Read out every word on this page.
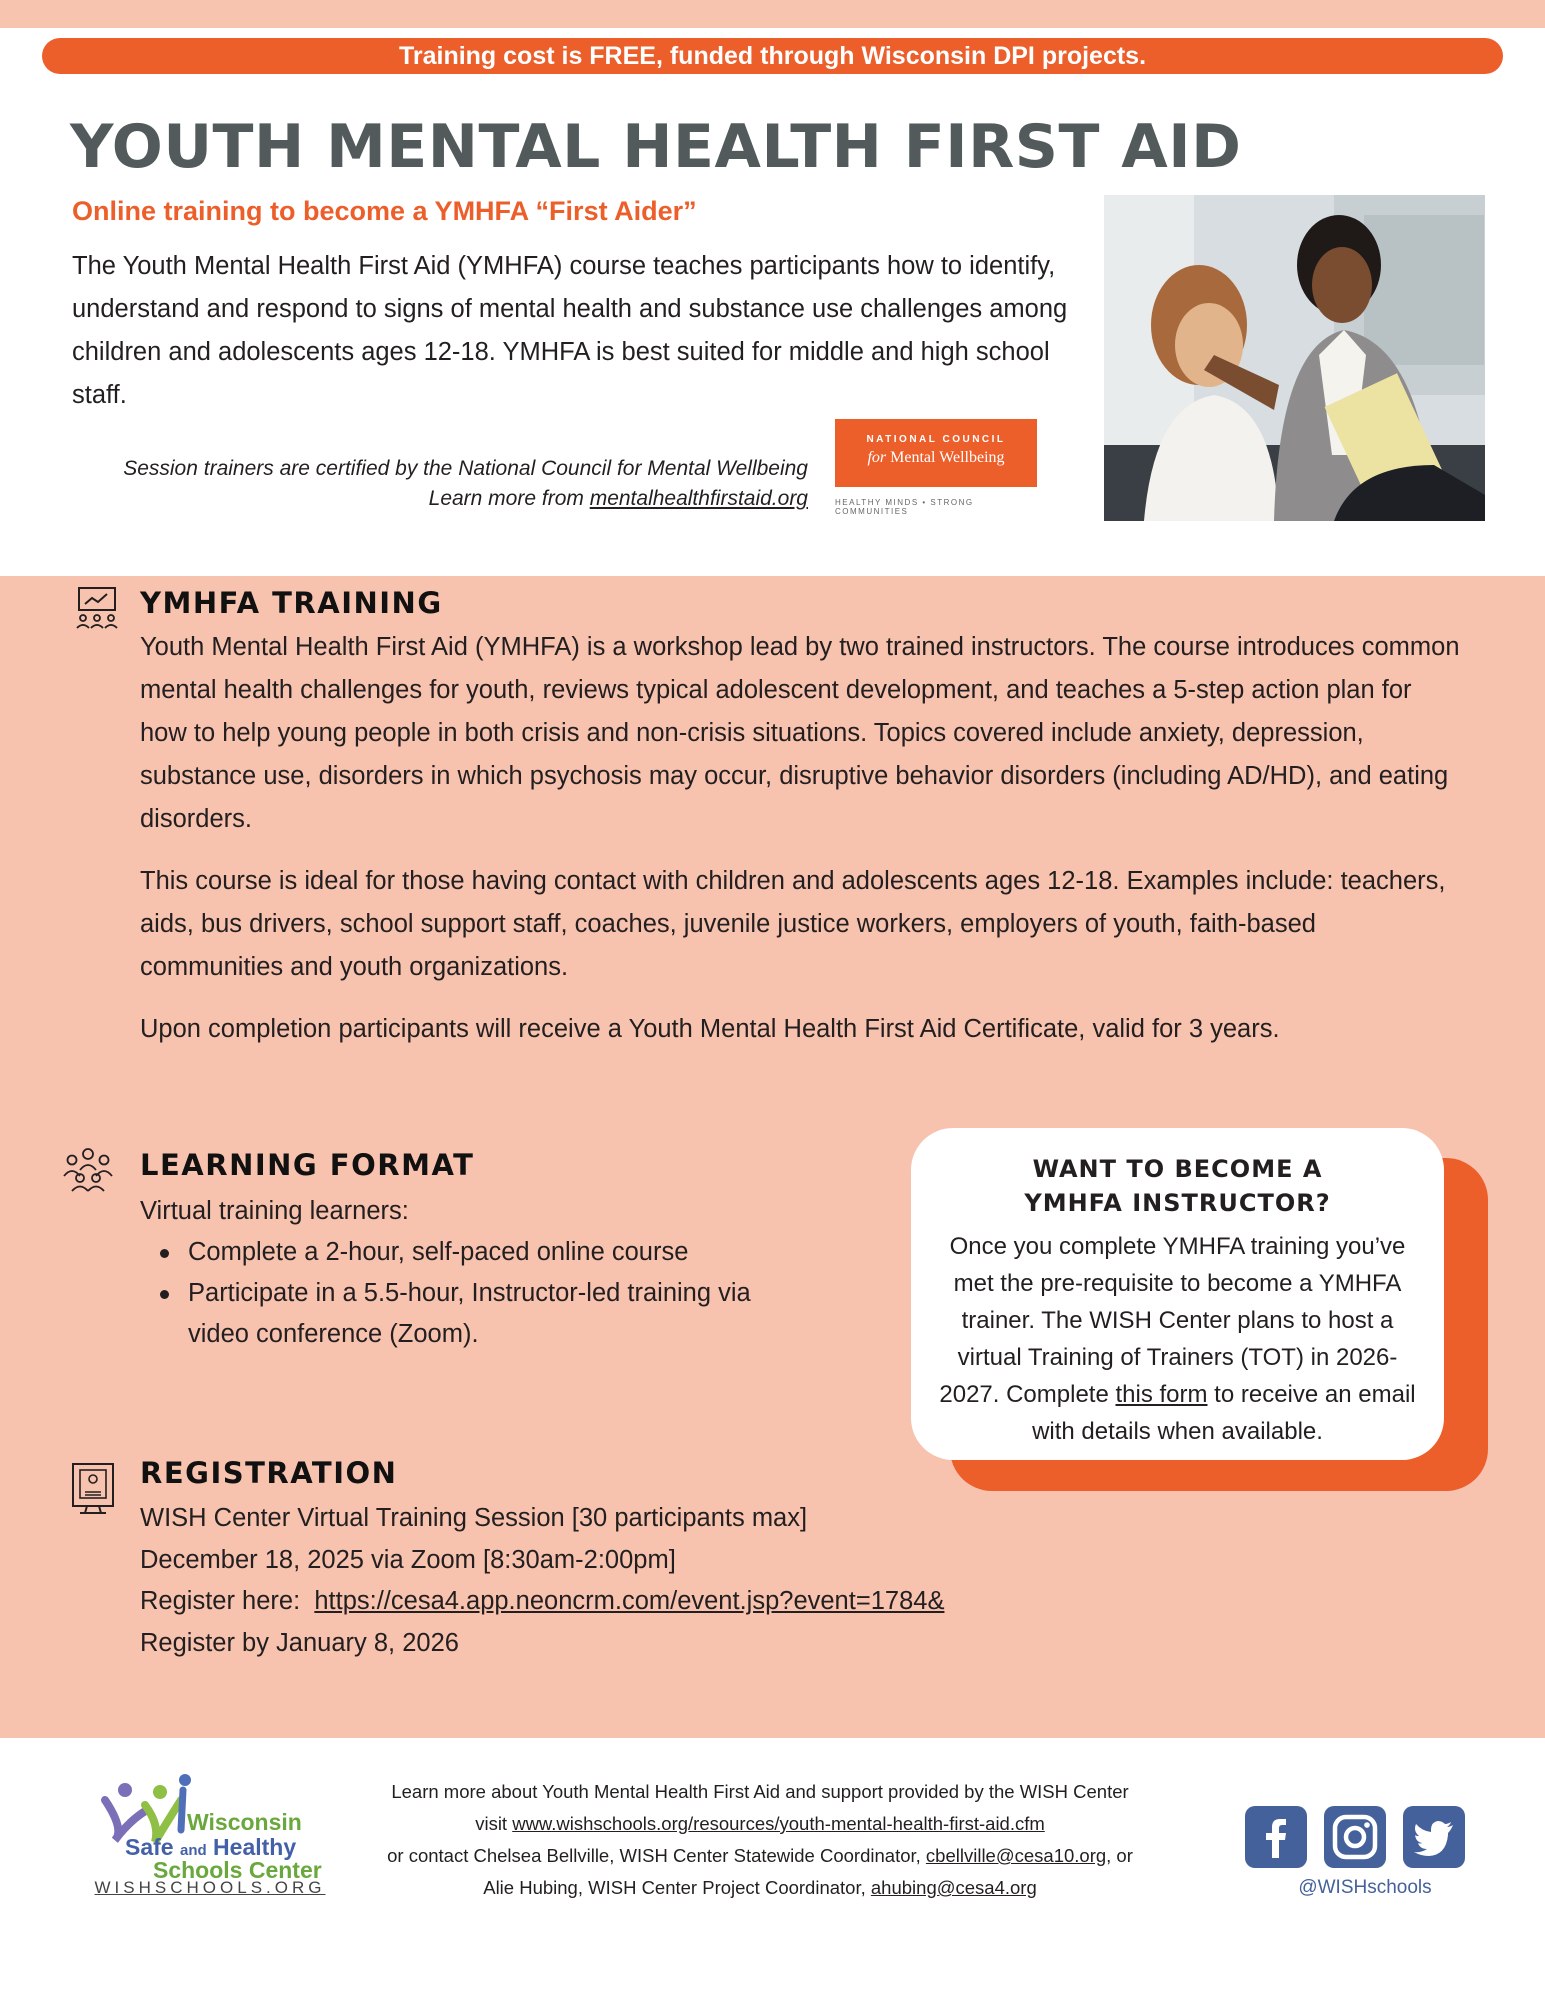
Training cost is FREE, funded through Wisconsin DPI projects.
YOUTH MENTAL HEALTH FIRST AID
Online training to become a YMHFA “First Aider”

The Youth Mental Health First Aid (YMHFA) course teaches participants how to identify, understand and respond to signs of mental health and substance use challenges among children and adolescents ages 12-18. YMHFA is best suited for middle and high school staff.

Session trainers are certified by the National Council for Mental Wellbeing
Learn more from mentalhealthfirstaid.org
NATIONAL COUNCIL
for Mental Wellbeing
HEALTHY MINDS • STRONG COMMUNITIES
YMHFA TRAINING

Youth Mental Health First Aid (YMHFA) is a workshop lead by two trained instructors. The course introduces common mental health challenges for youth, reviews typical adolescent development, and teaches a 5-step action plan for how to help young people in both crisis and non-crisis situations. Topics covered include anxiety, depression, substance use, disorders in which psychosis may occur, disruptive behavior disorders (including AD/HD), and eating disorders.

This course is ideal for those having contact with children and adolescents ages 12-18. Examples include: teachers, aids, bus drivers, school support staff, coaches, juvenile justice workers, employers of youth, faith-based communities and youth organizations.

Upon completion participants will receive a Youth Mental Health First Aid Certificate, valid for 3 years.

LEARNING FORMAT
Virtual training learners:
Complete a 2-hour, self-paced online course
Participate in a 5.5-hour, Instructor-led training via video conference (Zoom).
WANT TO BECOME A
YMHFA INSTRUCTOR?
Once you complete YMHFA training you’ve met the pre-requisite to become a YMHFA trainer. The WISH Center plans to host a virtual Training of Trainers (TOT) in 2026-2027. Complete this form to receive an email with details when available.
REGISTRATION
WISH Center Virtual Training Session [30 participants max]
December 18, 2025 via Zoom [8:30am-2:00pm]
Register here:  https://cesa4.app.neoncrm.com/event.jsp?event=1784&
Register by January 8, 2026
Wisconsin
Safe and Healthy
Schools Center
WISHSCHOOLS.ORG
Learn more about Youth Mental Health First Aid and support provided by the WISH Center
visit www.wishschools.org/resources/youth-mental-health-first-aid.cfm
or contact Chelsea Bellville, WISH Center Statewide Coordinator, cbellville@cesa10.org, or
Alie Hubing, WISH Center Project Coordinator, ahubing@cesa4.org	@WISHschools
